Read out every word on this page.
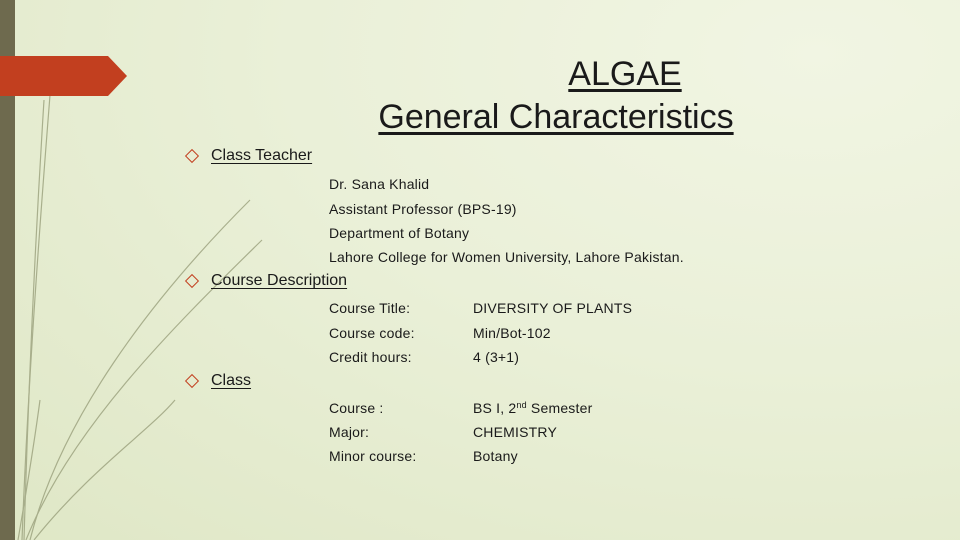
ALGAE
General Characteristics
Class Teacher
Dr. Sana Khalid
Assistant Professor (BPS-19)
Department of Botany
Lahore College for Women University, Lahore Pakistan.
Course Description
Course Title:	DIVERSITY OF PLANTS
Course code:	Min/Bot-102
Credit hours:	4 (3+1)
Class
Course :	BS I, 2nd Semester
Major:	CHEMISTRY
Minor course:	Botany
